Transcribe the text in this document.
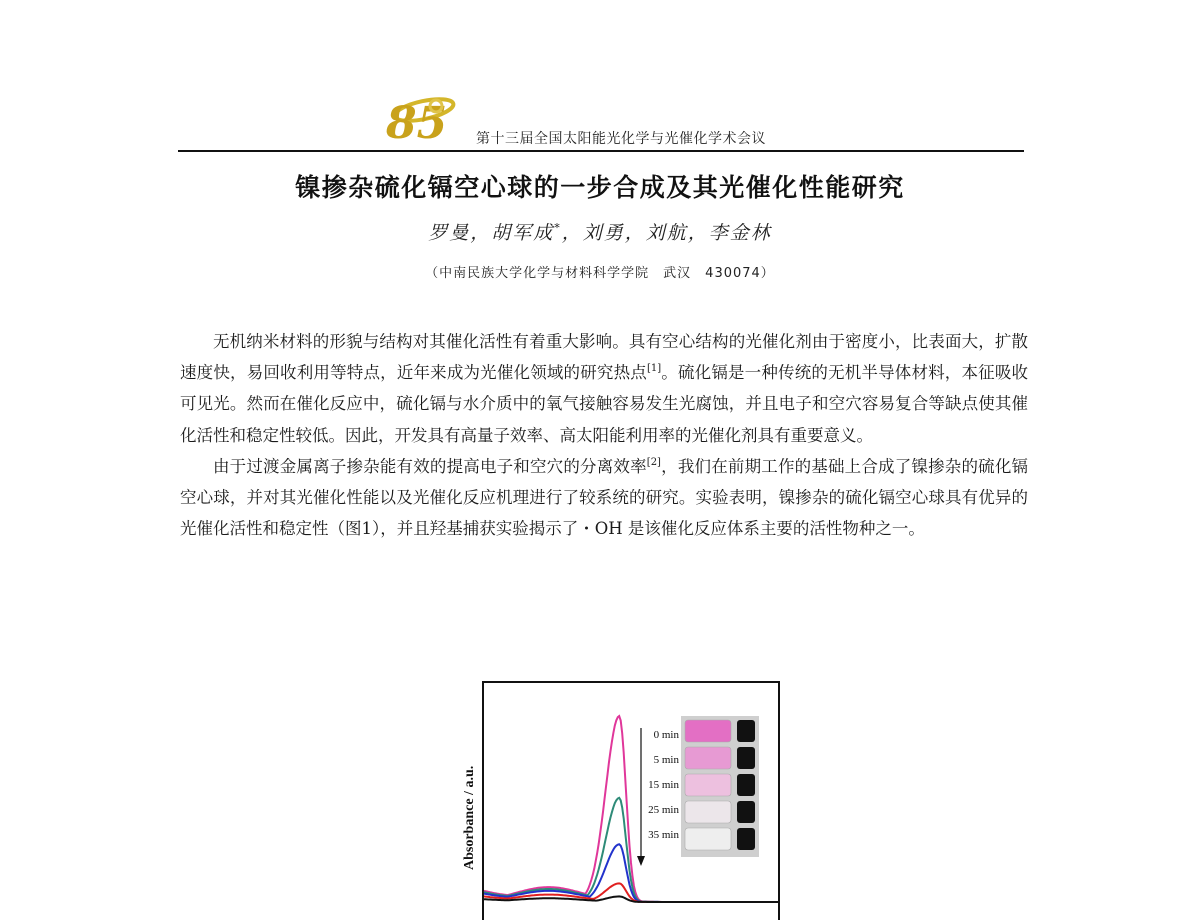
85 第十三届全国太阳能光化学与光催化学术会议
镍掺杂硫化镉空心球的一步合成及其光催化性能研究
罗曼，胡军成*，刘勇，刘航，李金林
（中南民族大学化学与材料科学学院　武汉　430074）

无机纳米材料的形貌与结构对其催化活性有着重大影响。具有空心结构的光催化剂由于密度小，比表面大，扩散速度快，易回收利用等特点，近年来成为光催化领域的研究热点[1]。硫化镉是一种传统的无机半导体材料，本征吸收可见光。然而在催化反应中，硫化镉与水介质中的氧气接触容易发生光腐蚀，并且电子和空穴容易复合等缺点使其催化活性和稳定性较低。因此，开发具有高量子效率、高太阳能利用率的光催化剂具有重要意义。

由于过渡金属离子掺杂能有效的提高电子和空穴的分离效率[2]，我们在前期工作的基础上合成了镍掺杂的硫化镉空心球，并对其光催化性能以及光催化反应机理进行了较系统的研究。实验表明，镍掺杂的硫化镉空心球具有优异的光催化活性和稳定性（图1），并且羟基捕获实验揭示了・OH 是该催化反应体系主要的活性物种之一。

Absorbance / a.u.
0 min
5 min
15 min
25 min
35 min
